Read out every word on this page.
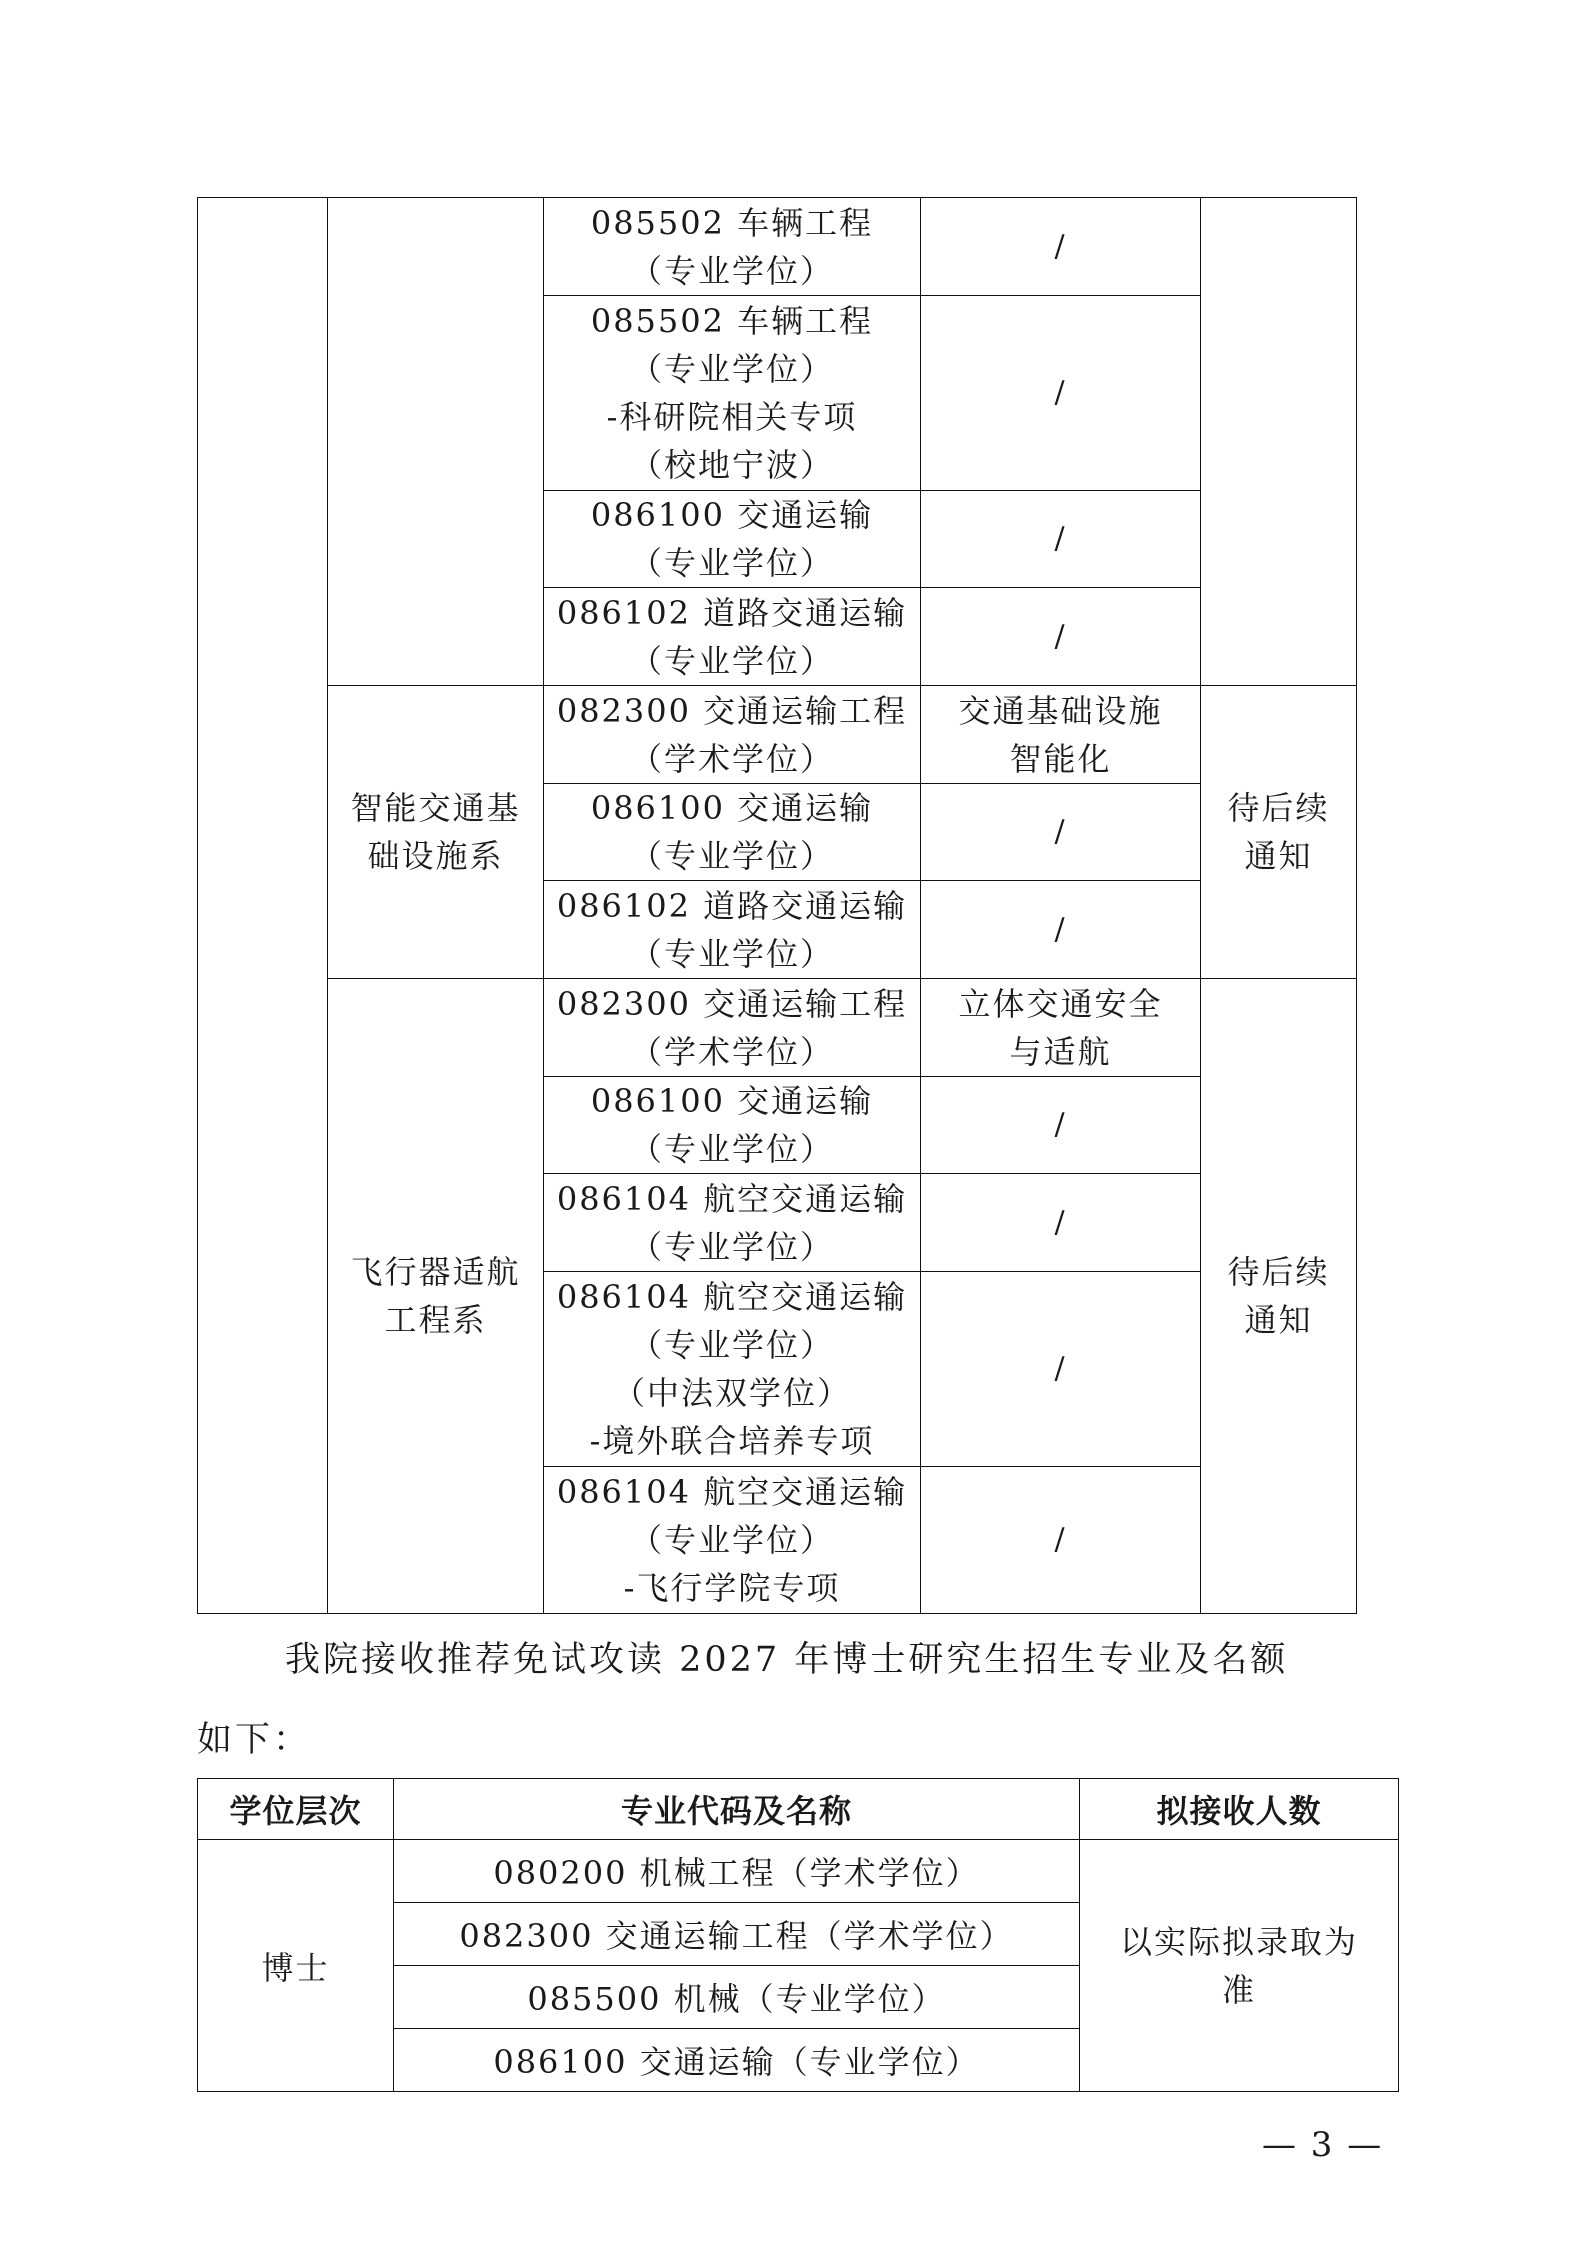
		085502 车辆工程
（专业学位）	/	

		085502 车辆工程
（专业学位）
-科研院相关专项
（校地宁波）	/	

		086100 交通运输
（专业学位）	/	

		086102 道路交通运输
（专业学位）	/	
	智能交通基础设施系	082300 交通运输工程
（学术学位）	交通基础设施智能化	待后续通知

		086100 交通运输
（专业学位）	/	

		086102 道路交通运输
（专业学位）	/	
	飞行器适航工程系	082300 交通运输工程
（学术学位）	立体交通安全与适航	待后续通知

		086100 交通运输
（专业学位）	/	

		086104 航空交通运输
（专业学位）	/	

		086104 航空交通运输
（专业学位）
（中法双学位）
-境外联合培养专项	/	

		086104 航空交通运输
（专业学位）
-飞行学院专项	/	
我院接收推荐免试攻读 2027 年博士研究生招生专业及名额
如下：
学位层次	专业代码及名称	拟接收人数
博士	080200 机械工程（学术学位）	以实际拟录取为准
	082300 交通运输工程（学术学位）	
	085500 机械（专业学位）	
	086100 交通运输（专业学位）	
— 3 —
